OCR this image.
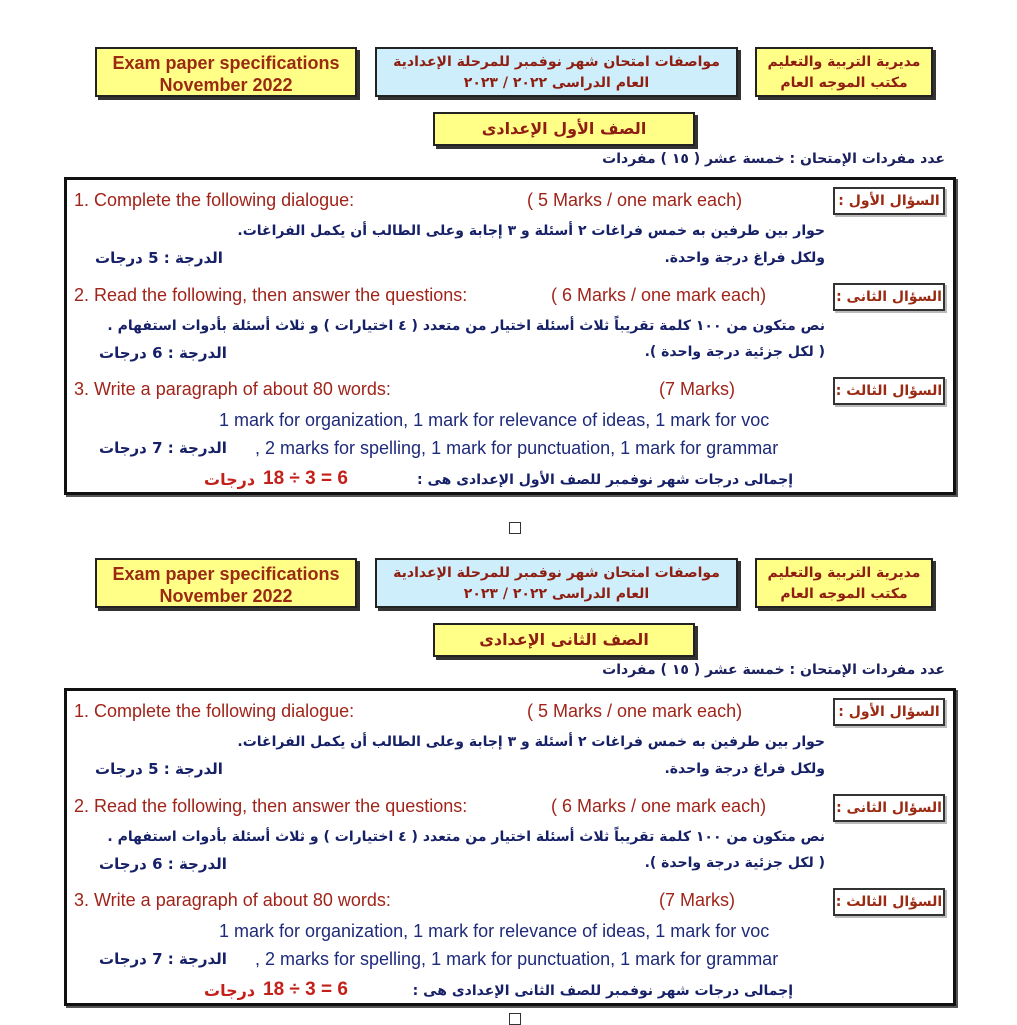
Exam paper specifications
November 2022
مواصفات امتحان شهر نوفمبر للمرحلة الإعدادية
العام الدراسى ٢٠٢٢ / ٢٠٢٣
مديرية التربية والتعليم
مكتب الموجه العام
الصف الأول الإعدادى
عدد مفردات الإمتحان : خمسة عشر ( ١٥ ) مفردات
السؤال الأول :
1. Complete the following dialogue:	( 5 Marks / one mark each)
حوار بين طرفين به خمس فراغات ٢ أسئلة و ٣ إجابة وعلى الطالب أن يكمل الفراغات.
ولكل فراغ درجة واحدة.
الدرجة : 5 درجات
السؤال الثانى :
2. Read the following, then answer the questions:	( 6 Marks / one mark each)
نص متكون من ١٠٠ كلمة تقريباً ثلاث أسئلة اختيار من متعدد ( ٤ اختيارات ) و ثلاث أسئلة بأدوات استفهام .
( لكل جزئية درجة واحدة ).
الدرجة : 6 درجات
السؤال الثالث :
3. Write a paragraph of about 80 words:	(7 Marks)
1 mark for organization, 1 mark for relevance of ideas, 1 mark for voc
, 2 marks for spelling, 1 mark for punctuation, 1 mark for grammar
الدرجة : 7 درجات
إجمالى درجات شهر نوفمبر للصف الأول الإعدادى هى :
18 ÷ 3 = 6
درجات
Exam paper specifications
November 2022
مواصفات امتحان شهر نوفمبر للمرحلة الإعدادية
العام الدراسى ٢٠٢٢ / ٢٠٢٣
مديرية التربية والتعليم
مكتب الموجه العام
الصف الثانى الإعدادى
عدد مفردات الإمتحان : خمسة عشر ( ١٥ ) مفردات
السؤال الأول :
1. Complete the following dialogue:	( 5 Marks / one mark each)
حوار بين طرفين به خمس فراغات ٢ أسئلة و ٣ إجابة وعلى الطالب أن يكمل الفراغات.
ولكل فراغ درجة واحدة.
الدرجة : 5 درجات
السؤال الثانى :
2. Read the following, then answer the questions:	( 6 Marks / one mark each)
نص متكون من ١٠٠ كلمة تقريباً ثلاث أسئلة اختيار من متعدد ( ٤ اختيارات ) و ثلاث أسئلة بأدوات استفهام .
( لكل جزئية درجة واحدة ).
الدرجة : 6 درجات
السؤال الثالث :
3. Write a paragraph of about 80 words:	(7 Marks)
1 mark for organization, 1 mark for relevance of ideas, 1 mark for voc
, 2 marks for spelling, 1 mark for punctuation, 1 mark for grammar
الدرجة : 7 درجات
إجمالى درجات شهر نوفمبر للصف الثانى الإعدادى هى :
18 ÷ 3 = 6
درجات
